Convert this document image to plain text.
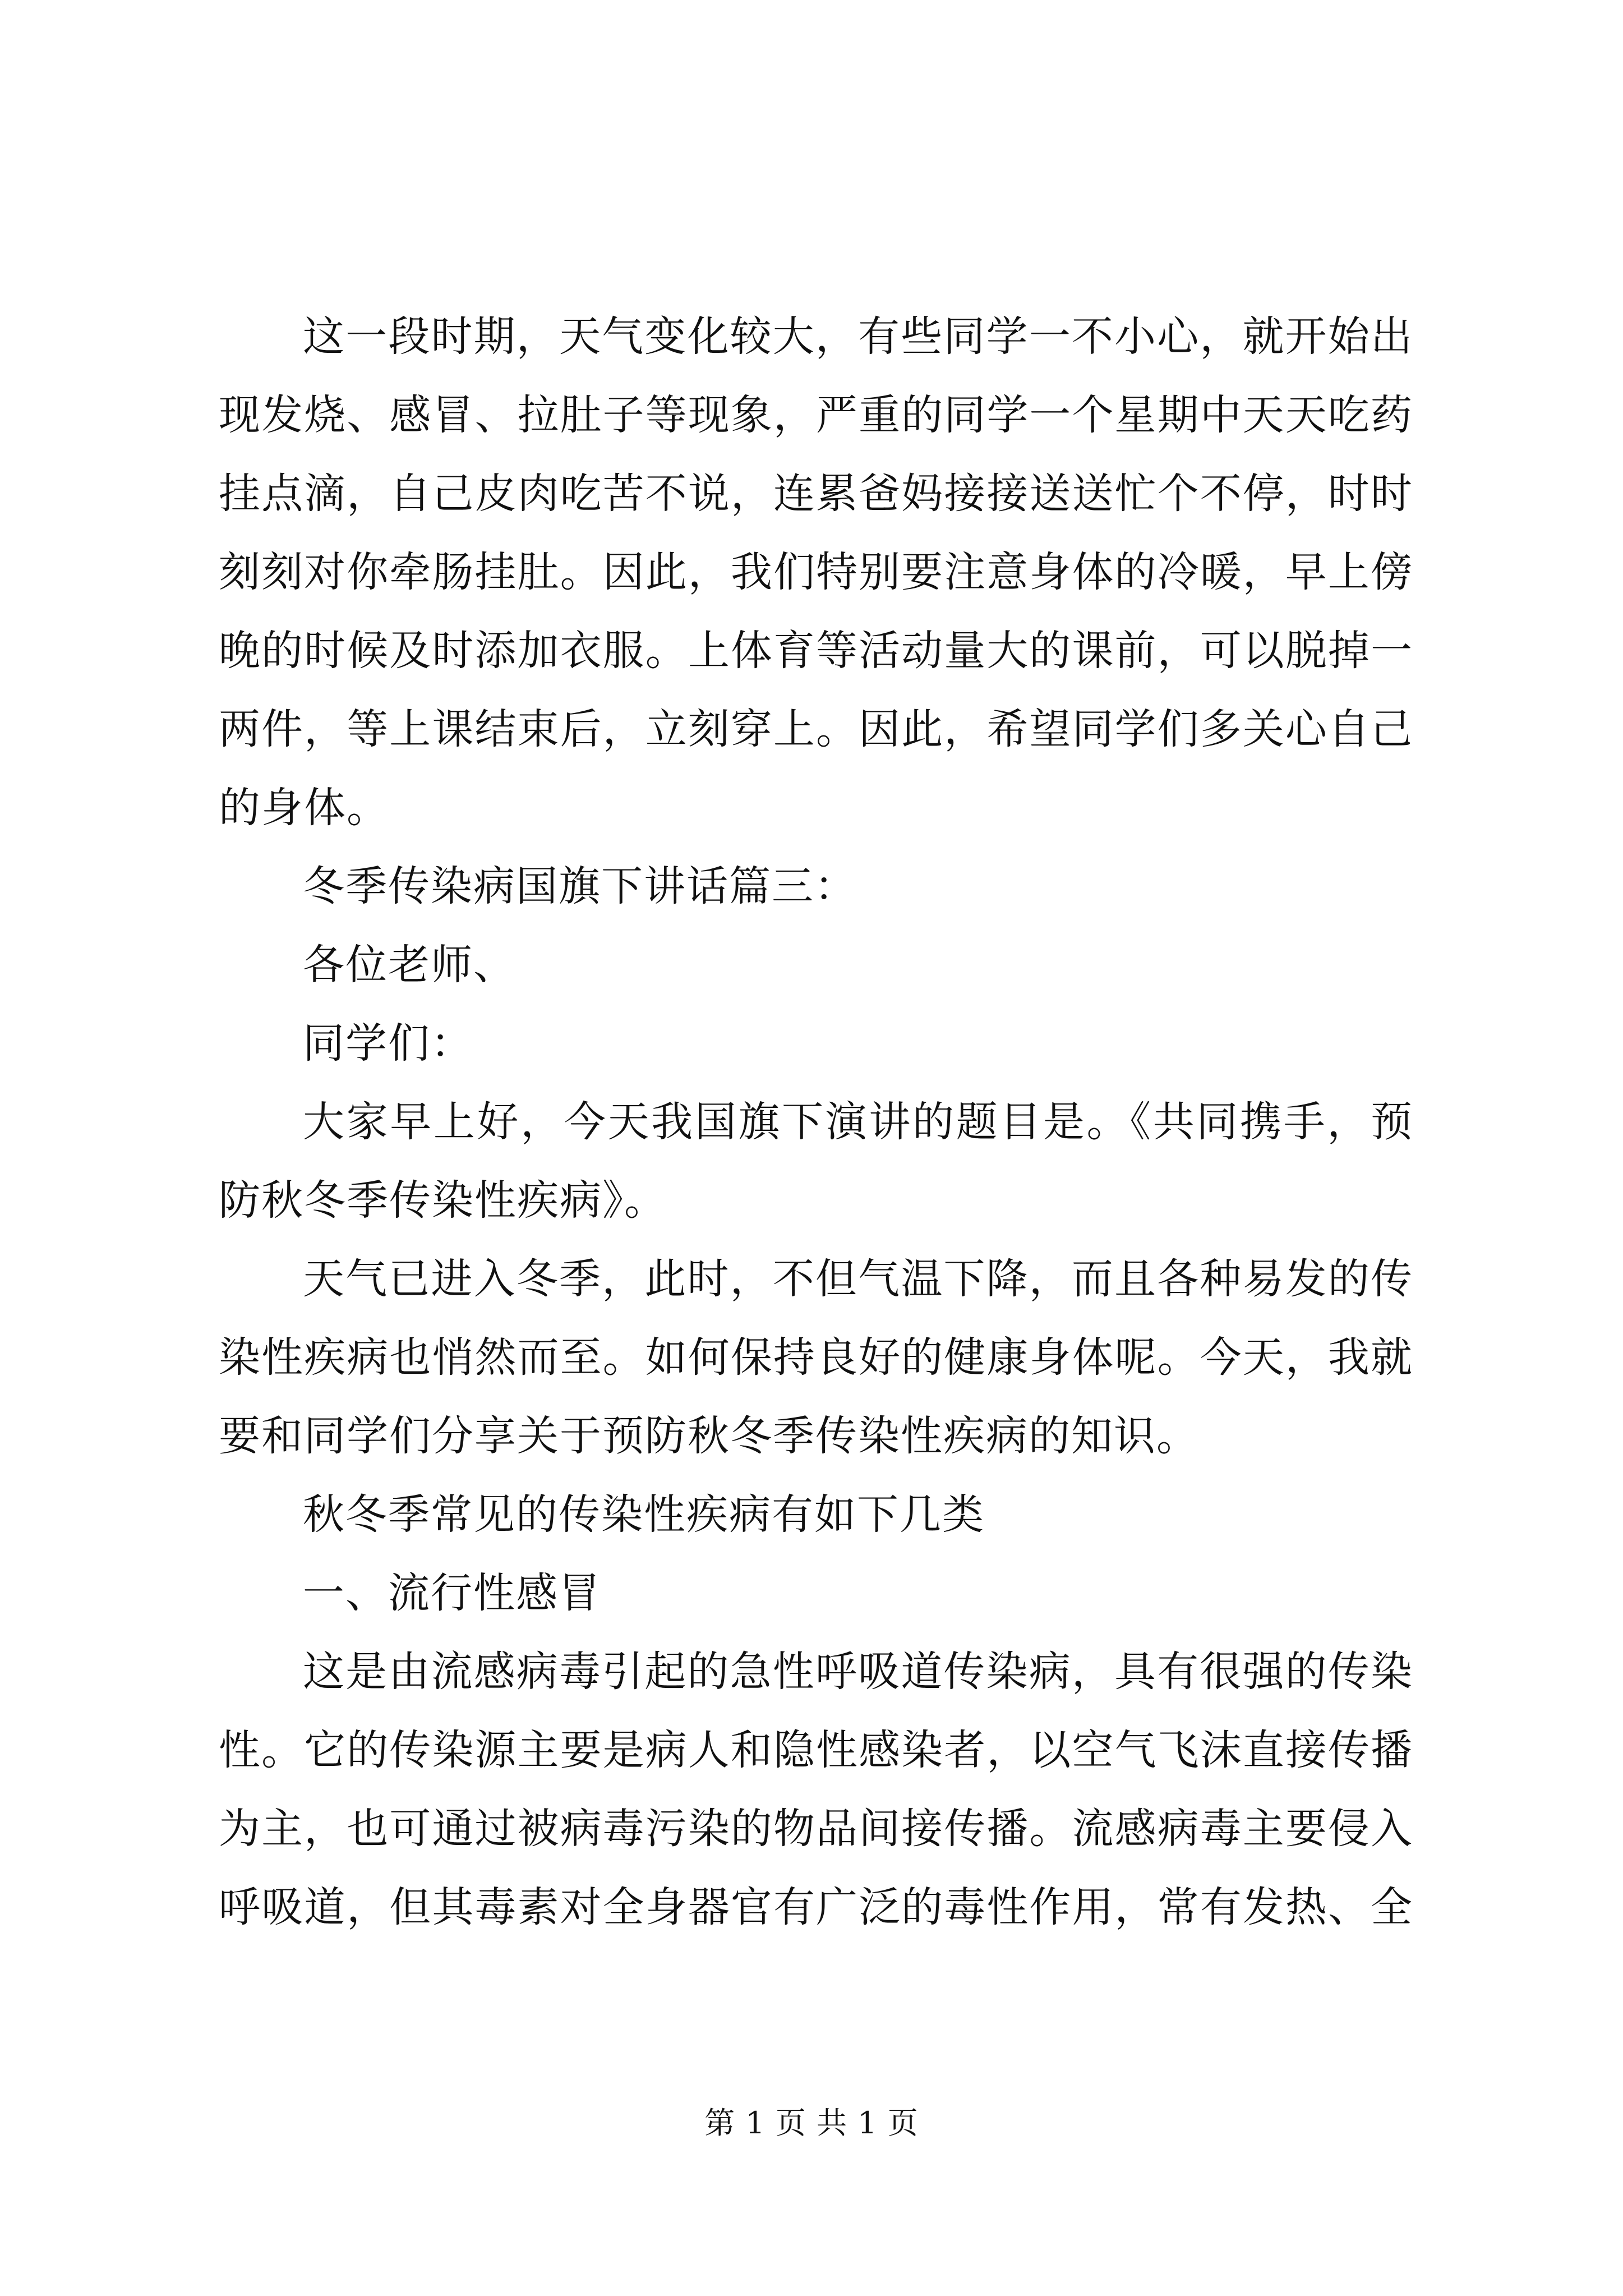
这一段时期，天气变化较大，有些同学一不小心，就开始出
现发烧、感冒、拉肚子等现象，严重的同学一个星期中天天吃药
挂点滴，自己皮肉吃苦不说，连累爸妈接接送送忙个不停，时时
刻刻对你牵肠挂肚。因此，我们特别要注意身体的冷暖，早上傍
晚的时候及时添加衣服。上体育等活动量大的课前，可以脱掉一
两件，等上课结束后，立刻穿上。因此，希望同学们多关心自己
的身体。
冬季传染病国旗下讲话篇三：
各位老师、
同学们：
大家早上好，今天我国旗下演讲的题目是。《共同携手，预
防秋冬季传染性疾病》。
天气已进入冬季，此时，不但气温下降，而且各种易发的传
染性疾病也悄然而至。如何保持良好的健康身体呢。今天，我就
要和同学们分享关于预防秋冬季传染性疾病的知识。
秋冬季常见的传染性疾病有如下几类
一、流行性感冒
这是由流感病毒引起的急性呼吸道传染病，具有很强的传染
性。它的传染源主要是病人和隐性感染者，以空气飞沫直接传播
为主，也可通过被病毒污染的物品间接传播。流感病毒主要侵入
呼吸道，但其毒素对全身器官有广泛的毒性作用，常有发热、全
第 1 页 共 1 页
